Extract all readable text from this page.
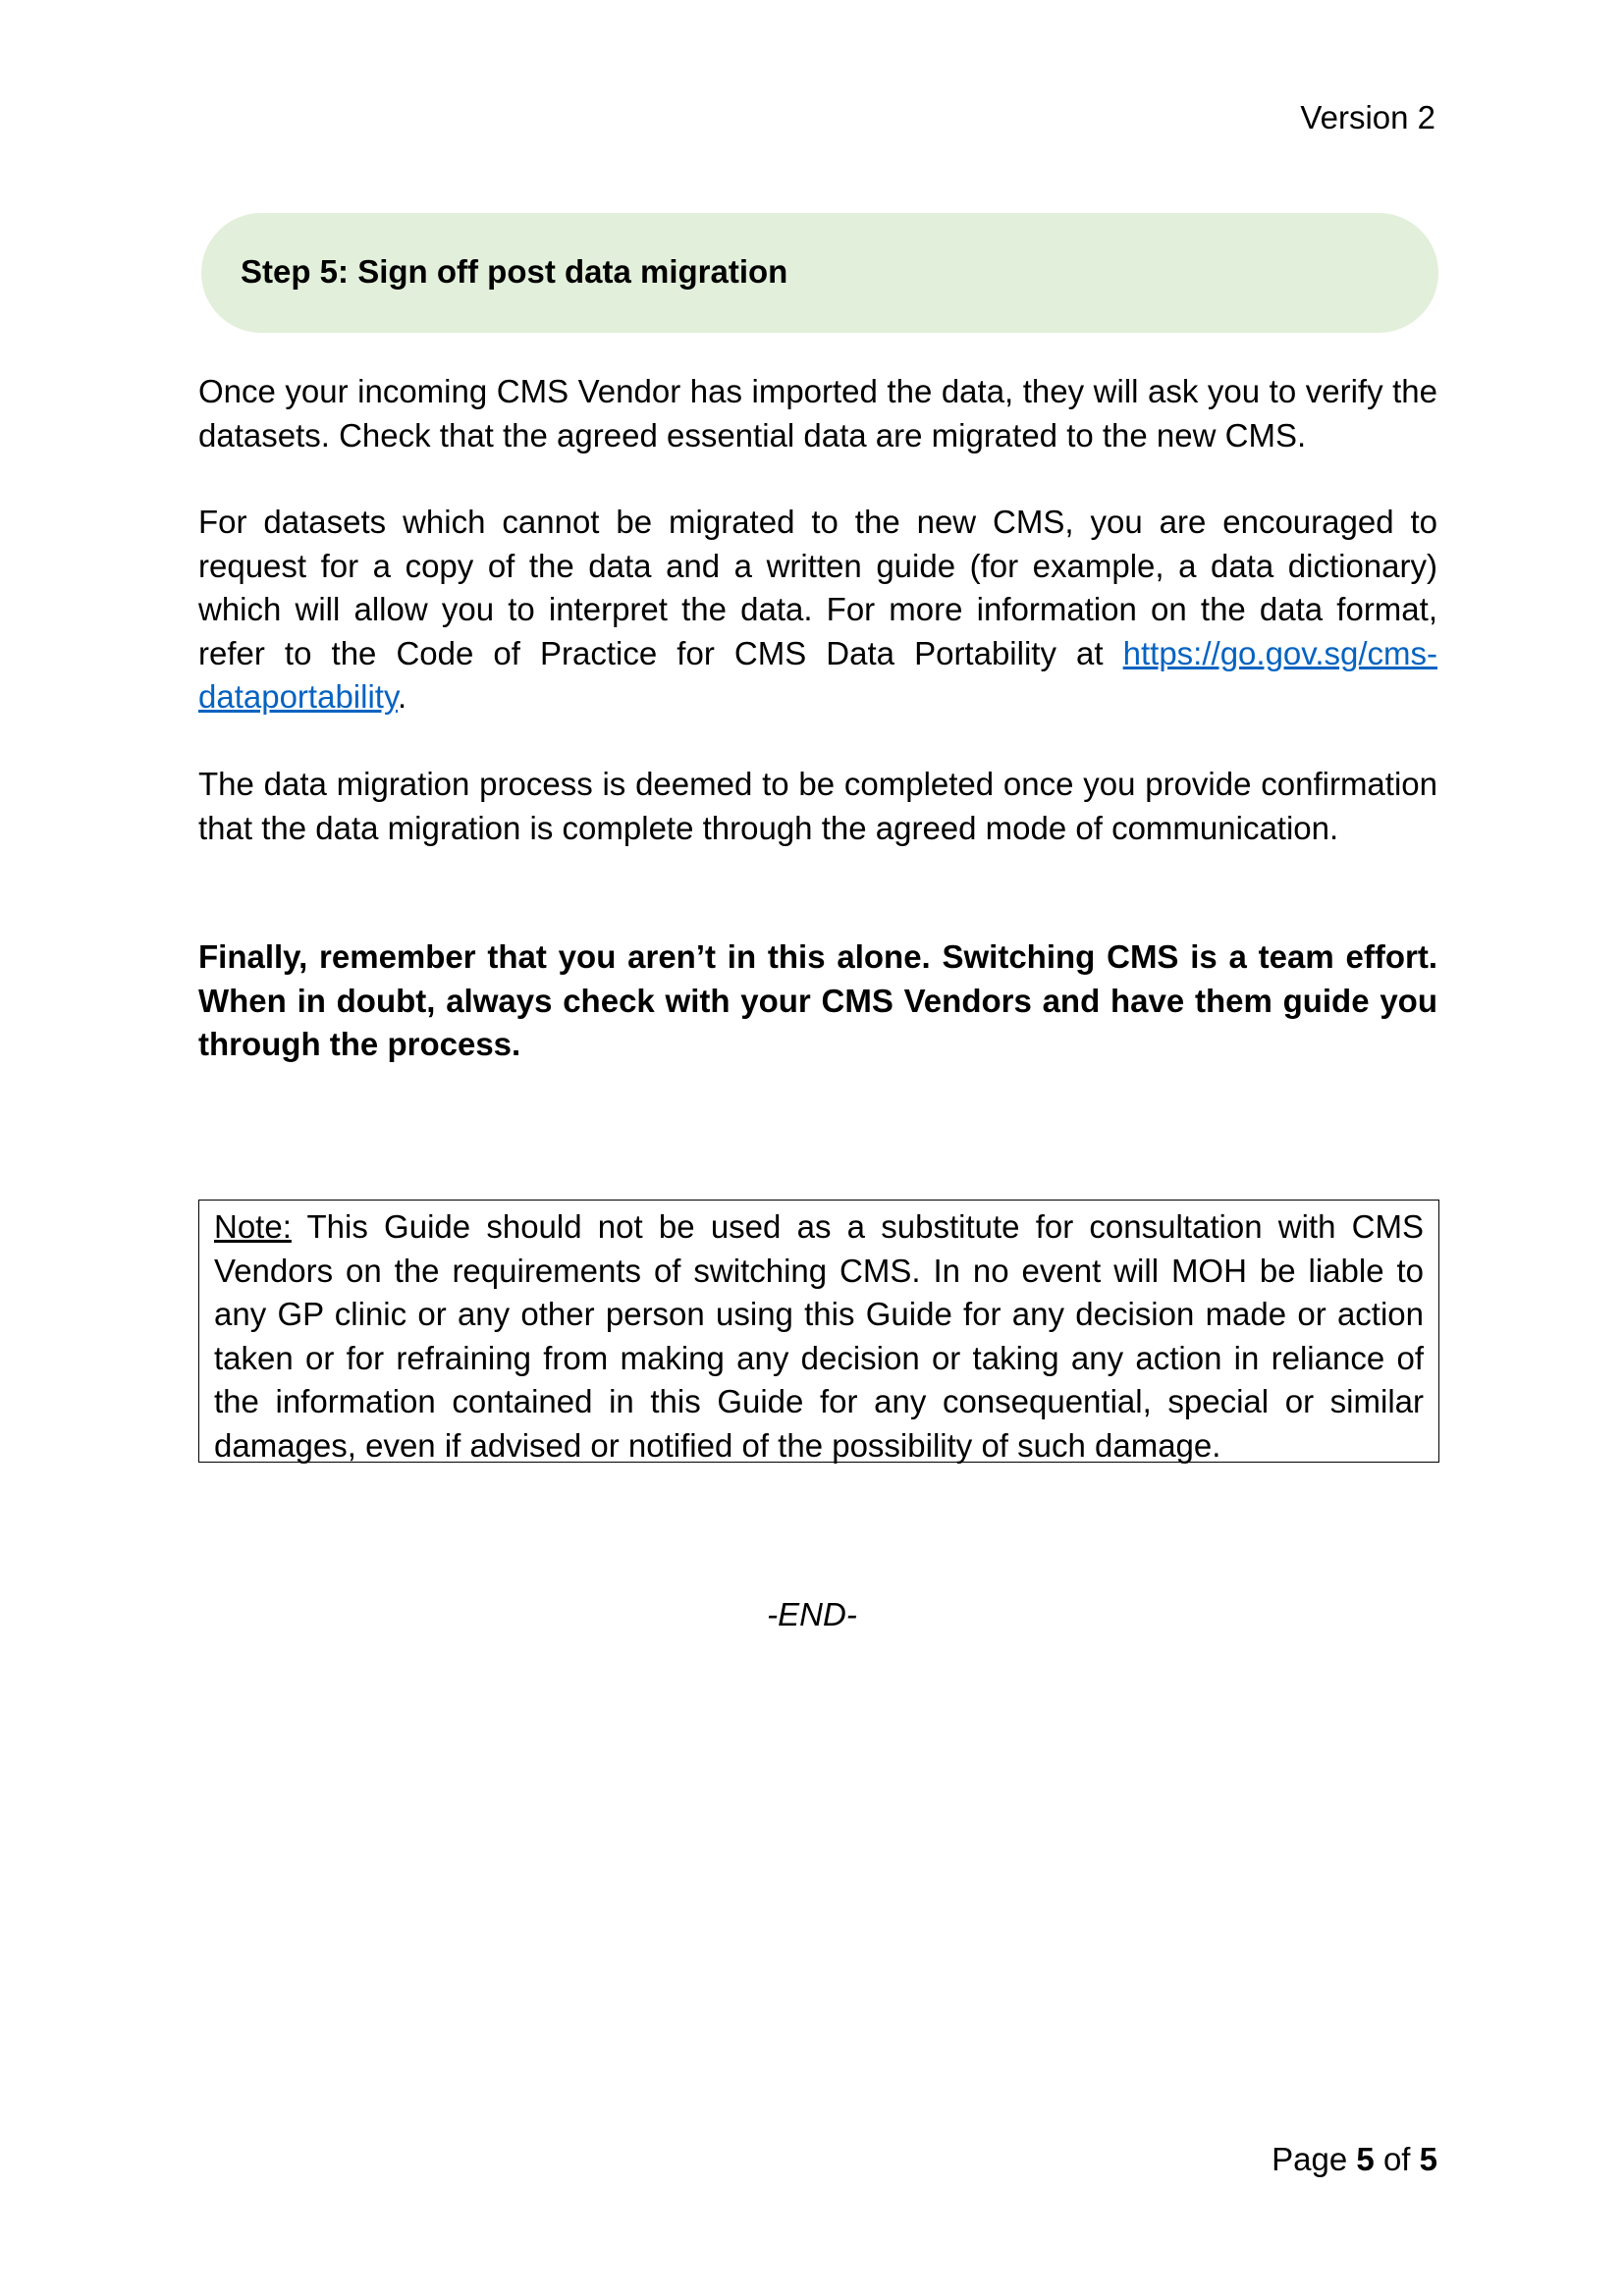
Version 2
Step 5: Sign off post data migration

Once your incoming CMS Vendor has imported the data, they will ask you to verify the datasets. Check that the agreed essential data are migrated to the new CMS.

For datasets which cannot be migrated to the new CMS, you are encouraged to request for a copy of the data and a written guide (for example, a data dictionary) which will allow you to interpret the data. For more information on the data format, refer to the Code of Practice for CMS Data Portability at https://go.gov.sg/cms-dataportability.

The data migration process is deemed to be completed once you provide confirmation that the data migration is complete through the agreed mode of communication.

Finally, remember that you aren’t in this alone. Switching CMS is a team effort. When in doubt, always check with your CMS Vendors and have them guide you through the process.

Note: This Guide should not be used as a substitute for consultation with CMS Vendors on the requirements of switching CMS. In no event will MOH be liable to any GP clinic or any other person using this Guide for any decision made or action taken or for refraining from making any decision or taking any action in reliance of the information contained in this Guide for any consequential, special or similar damages, even if advised or notified of the possibility of such damage.
-END-
Page 5 of 5
